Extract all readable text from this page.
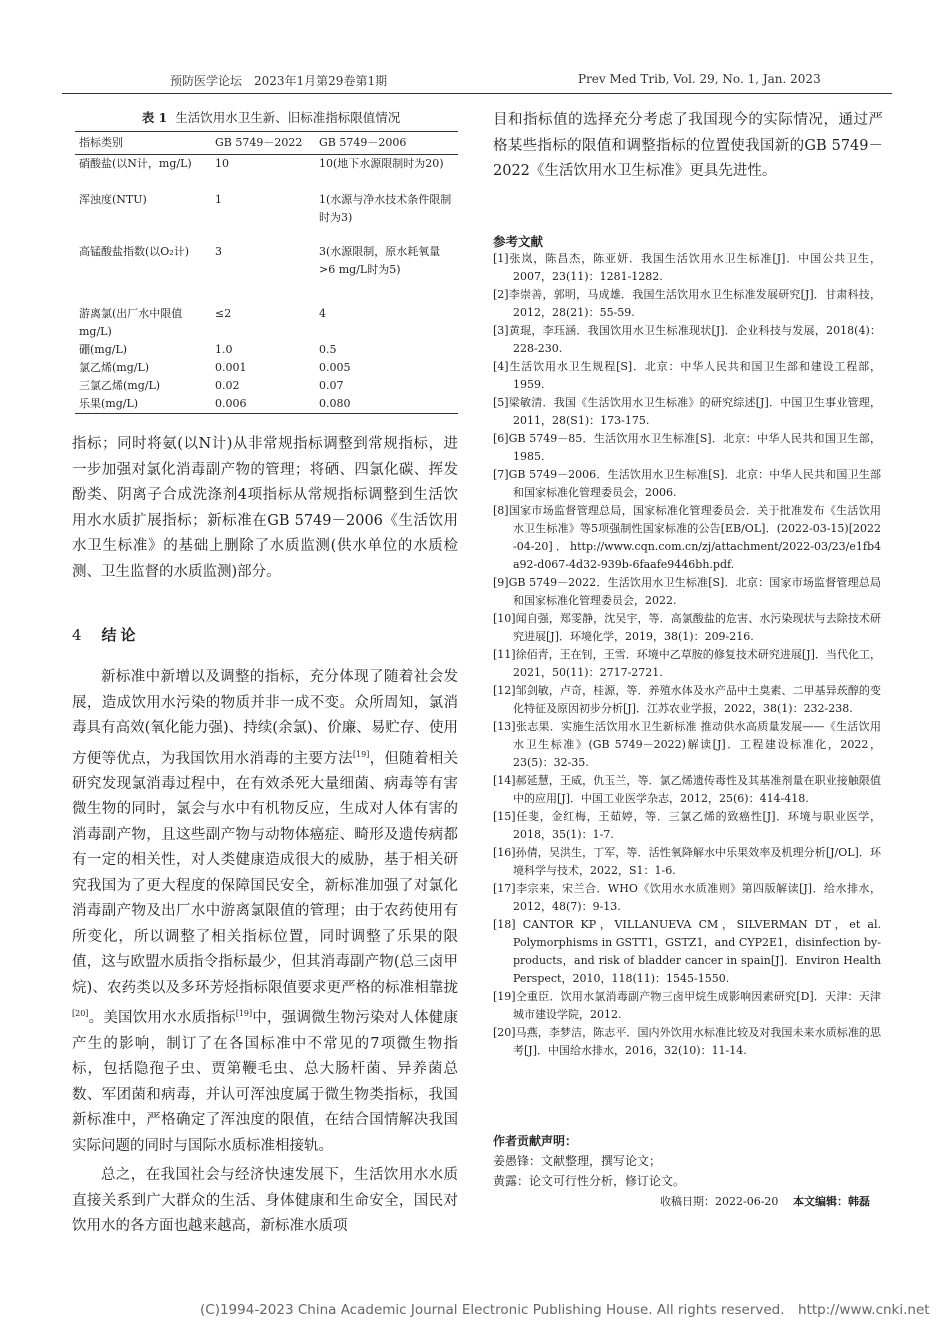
预防医学论坛　2023年1月第29卷第1期	Prev Med Trib, Vol. 29, No. 1, Jan. 2023
表 1 生活饮用水卫生新、旧标准指标限值情况
指标类别	GB 5749－2022	GB 5749－2006
硝酸盐(以N计，mg/L)	10	10(地下水源限制时为20)
浑浊度(NTU)	1	1(水源与净水技术条件限制时为3)
高锰酸盐指数(以O₂计)	3	3(水源限制，原水耗氧量>6 mg/L时为5)
游离氯(出厂水中限值 mg/L)	≤2	4
硼(mg/L)	1.0	0.5
氯乙烯(mg/L)	0.001	0.005
三氯乙烯(mg/L)	0.02	0.07
乐果(mg/L)	0.006	0.080
指标；同时将氨(以N计)从非常规指标调整到常规指标，进一步加强对氯化消毒副产物的管理；将硒、四氯化碳、挥发酚类、阴离子合成洗涤剂4项指标从常规指标调整到生活饮用水水质扩展指标；新标准在GB 5749－2006《生活饮用水卫生标准》的基础上删除了水质监测(供水单位的水质检测、卫生监督的水质监测)部分。
4 结论
新标准中新增以及调整的指标，充分体现了随着社会发展，造成饮用水污染的物质并非一成不变。众所周知，氯消毒具有高效(氧化能力强)、持续(余氯)、价廉、易贮存、使用方便等优点，为我国饮用水消毒的主要方法[19]，但随着相关研究发现氯消毒过程中，在有效杀死大量细菌、病毒等有害微生物的同时，氯会与水中有机物反应，生成对人体有害的消毒副产物，且这些副产物与动物体癌症、畸形及遗传病都有一定的相关性，对人类健康造成很大的威胁，基于相关研究我国为了更大程度的保障国民安全，新标准加强了对氯化消毒副产物及出厂水中游离氯限值的管理；由于农药使用有所变化，所以调整了相关指标位置，同时调整了乐果的限值，这与欧盟水质指令指标最少，但其消毒副产物(总三卤甲烷)、农药类以及多环芳烃指标限值要求更严格的标准相靠拢[20]。美国饮用水水质指标[19]中，强调微生物污染对人体健康产生的影响，制订了在各国标准中不常见的7项微生物指标，包括隐孢子虫、贾第鞭毛虫、总大肠杆菌、异养菌总数、军团菌和病毒，并认可浑浊度属于微生物类指标，我国新标准中，严格确定了浑浊度的限值，在结合国情解决我国实际问题的同时与国际水质标准相接轨。
总之，在我国社会与经济快速发展下，生活饮用水水质直接关系到广大群众的生活、身体健康和生命安全，国民对饮用水的各方面也越来越高，新标准水质项
目和指标值的选择充分考虑了我国现今的实际情况，通过严格某些指标的限值和调整指标的位置使我国新的GB 5749－2022《生活饮用水卫生标准》更具先进性。
参考文献
[1]张岚，陈昌杰，陈亚妍．我国生活饮用水卫生标准[J]．中国公共卫生，2007，23(11)：1281-1282.
[2]李崇善，郭明，马成雄．我国生活饮用水卫生标准发展研究[J]．甘肃科技，2012，28(21)：55-59.
[3]黄琨，李珏涵．我国饮用水卫生标准现状[J]．企业科技与发展，2018(4)：228-230.
[4]生活饮用水卫生规程[S]．北京：中华人民共和国卫生部和建设工程部，1959.
[5]梁敏清．我国《生活饮用水卫生标准》的研究综述[J]．中国卫生事业管理，2011，28(S1)：173-175.
[6]GB 5749－85．生活饮用水卫生标准[S]．北京：中华人民共和国卫生部，1985.
[7]GB 5749－2006．生活饮用水卫生标准[S]．北京：中华人民共和国卫生部和国家标准化管理委员会，2006.
[8]国家市场监督管理总局，国家标准化管理委员会．关于批准发布《生活饮用水卫生标准》等5项强制性国家标准的公告[EB/OL]．(2022-03-15)[2022-04-20]．http://www.cqn.com.cn/zj/attachment/2022-03/23/e1fb4a92-d067-4d32-939b-6faafe9446bh.pdf.
[9]GB 5749－2022．生活饮用水卫生标准[S]．北京：国家市场监督管理总局和国家标准化管理委员会，2022.
[10]闻自强，郑雯静，沈吴宇，等．高氯酸盐的危害、水污染现状与去除技术研究进展[J]．环境化学，2019，38(1)：209-216.
[11]徐佰青，王在钊，王雪．环境中乙草胺的修复技术研究进展[J]．当代化工，2021，50(11)：2717-2721.
[12]邹剑敏，卢奇，桂源，等．养殖水体及水产品中土臭素、二甲基异莰醇的变化特征及原因初步分析[J]．江苏农业学报，2022，38(1)：232-238.
[13]张志果．实施生活饮用水卫生新标准 推动供水高质量发展——《生活饮用水卫生标准》(GB 5749－2022)解读[J]．工程建设标准化，2022，23(5)：32-35.
[14]郝延慧，王威，仇玉兰，等．氯乙烯遗传毒性及其基准剂量在职业接触限值中的应用[J]．中国工业医学杂志，2012，25(6)：414-418.
[15]任斐，金红梅，王茹婷，等．三氯乙烯的致癌性[J]．环境与职业医学，2018，35(1)：1-7.
[16]孙倩，吴洪生，丁军，等．活性氧降解水中乐果效率及机理分析[J/OL]．环境科学与技术，2022，S1：1-6.
[17]李宗来，宋兰合．WHO《饮用水水质准则》第四版解读[J]．给水排水，2012，48(7)：9-13.
[18] CANTOR KP，VILLANUEVA CM，SILVERMAN DT，et al. Polymorphisms in GSTT1，GSTZ1，and CYP2E1，disinfection by-products，and risk of bladder cancer in spain[J]．Environ Health Perspect，2010，118(11)：1545-1550.
[19]仝重臣．饮用水氯消毒副产物三卤甲烷生成影响因素研究[D]．天津：天津城市建设学院，2012.
[20]马燕，李梦洁，陈志平．国内外饮用水标准比较及对我国未来水质标准的思考[J]．中国给水排水，2016，32(10)：11-14.
作者贡献声明：
姜愚锋：文献整理，撰写论文；
黄露：论文可行性分析，修订论文。
收稿日期：2022-06-20 本文编辑：韩磊
(C)1994-2023 China Academic Journal Electronic Publishing House. All rights reserved.　http://www.cnki.net
